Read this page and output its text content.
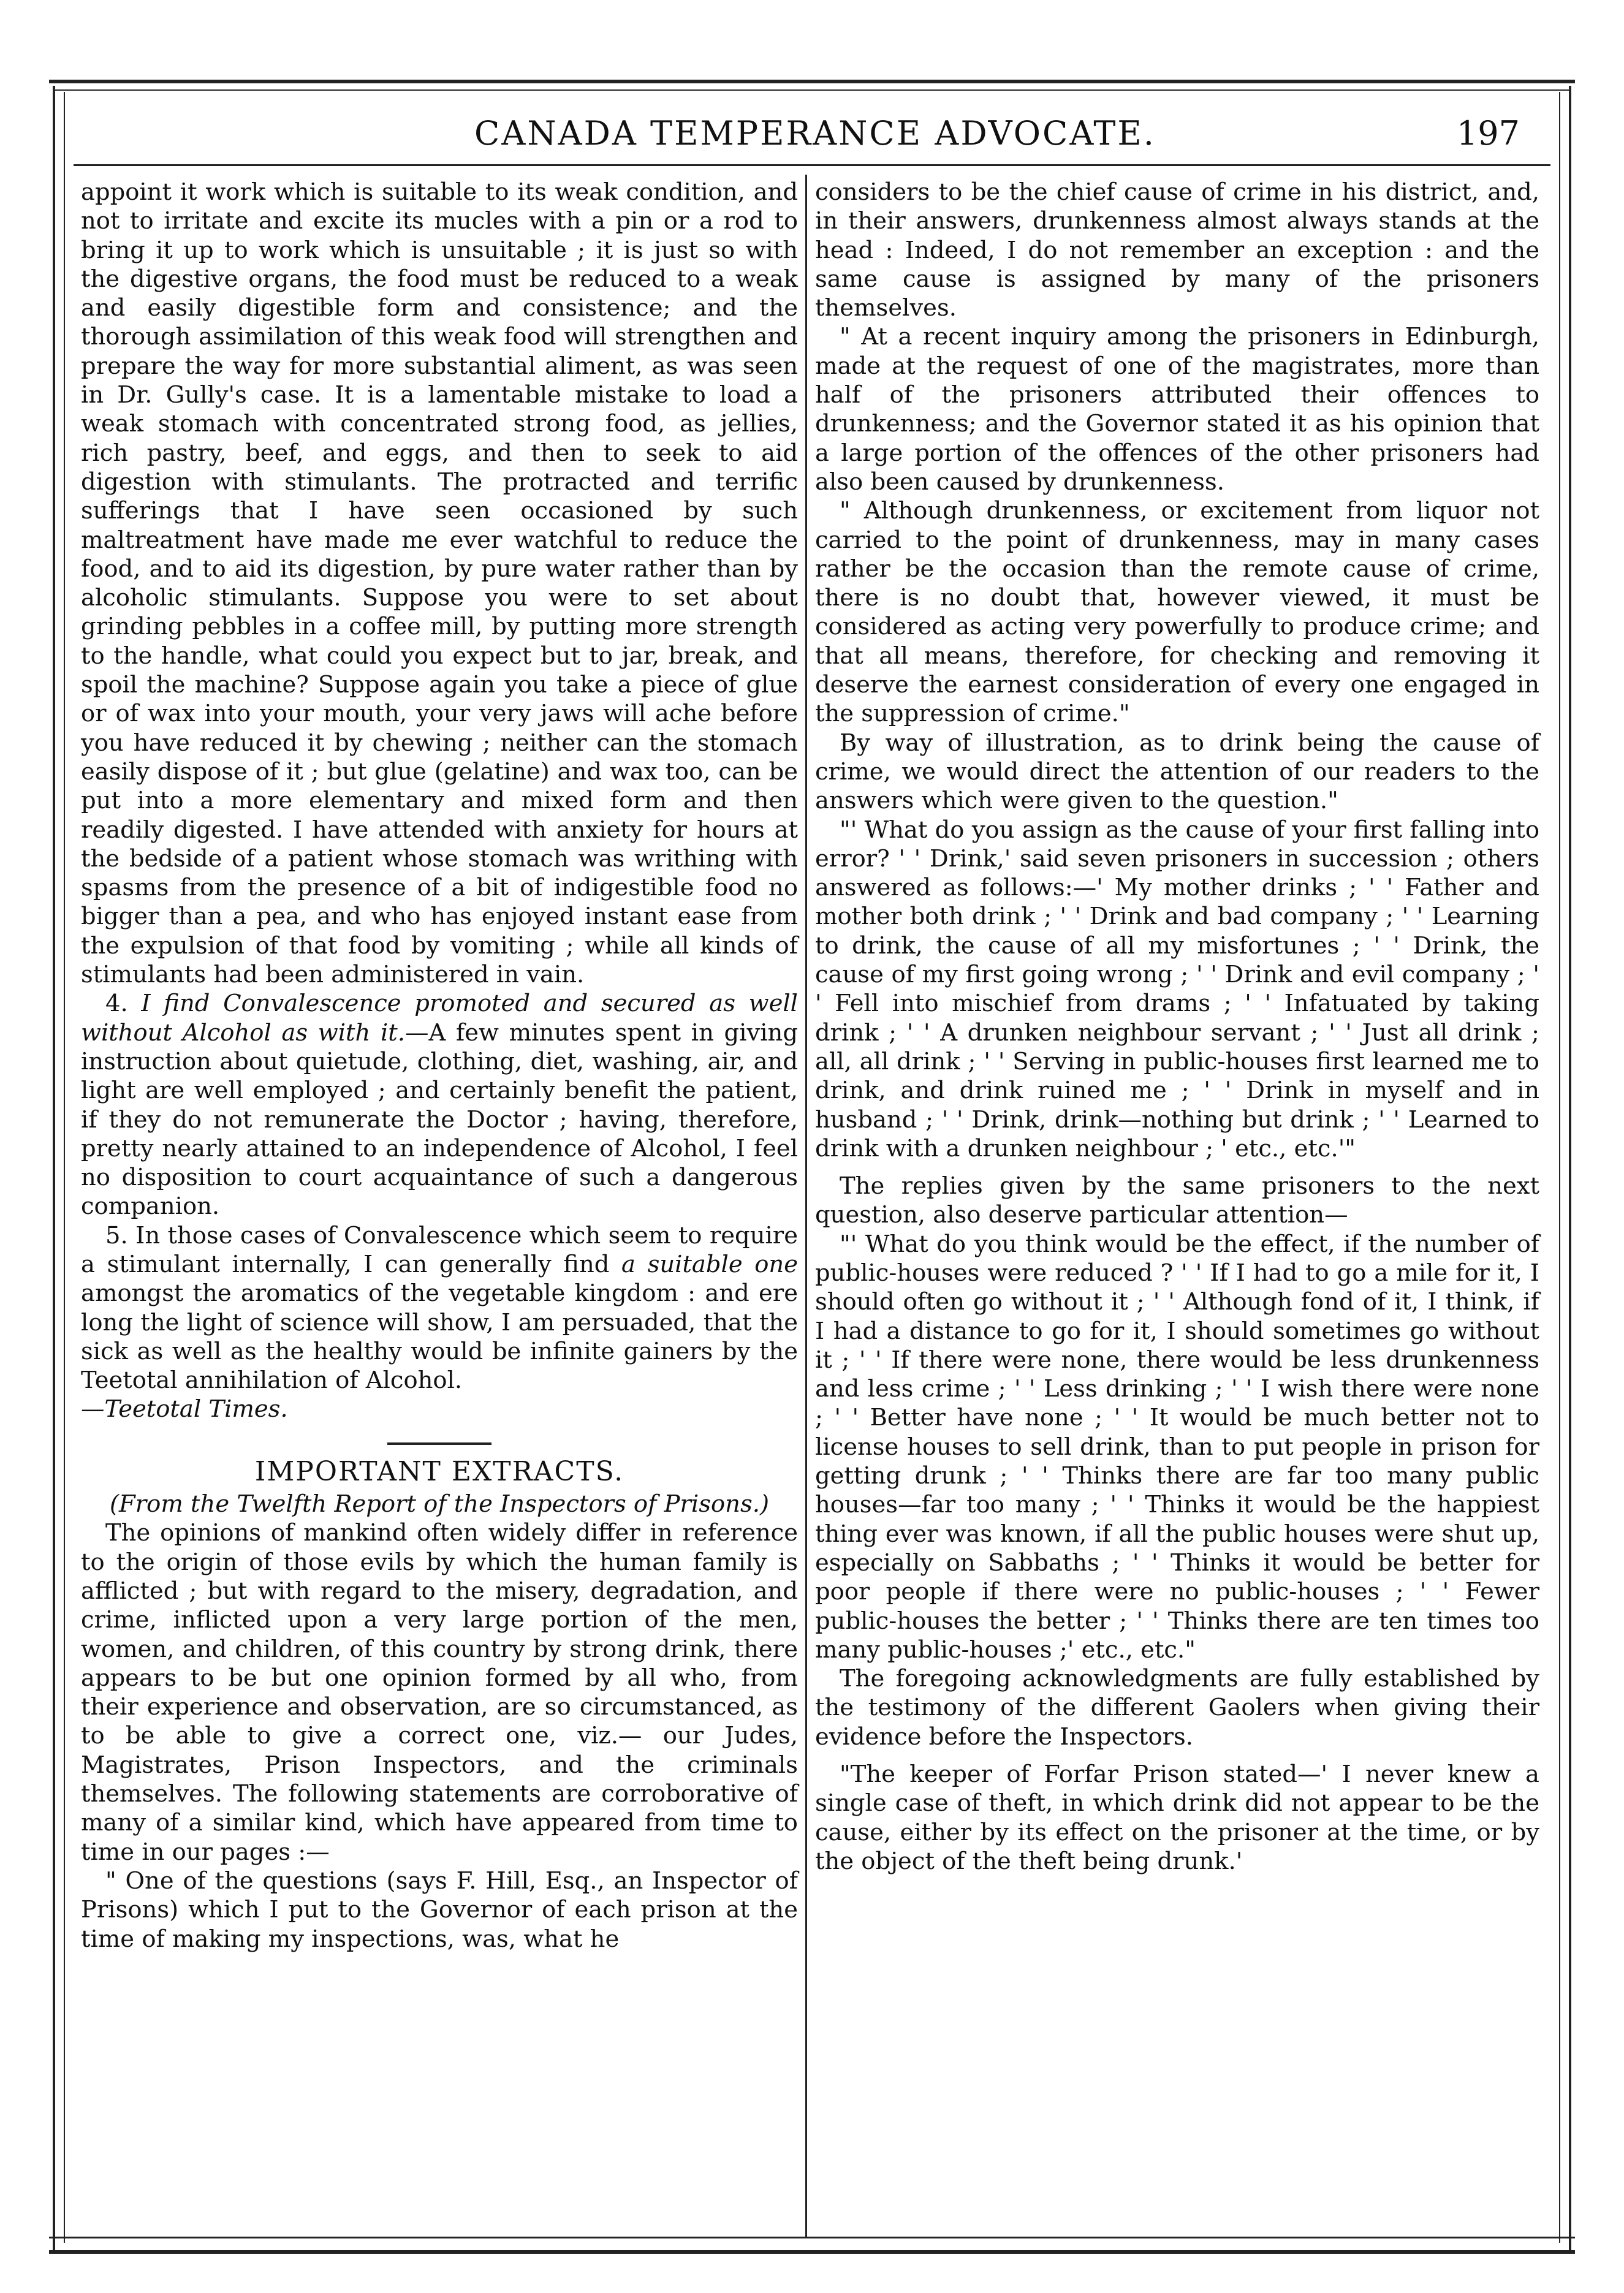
CANADA TEMPERANCE ADVOCATE.	197

appoint it work which is suitable to its weak condition, and not to irritate and excite its mucles with a pin or a rod to bring it up to work which is unsuitable ; it is just so with the digestive organs, the food must be reduced to a weak and easily digestible form and consistence; and the thorough assimilation of this weak food will strengthen and prepare the way for more substantial aliment, as was seen in Dr. Gully's case. It is a lamentable mistake to load a weak stomach with concentrated strong food, as jellies, rich pastry, beef, and eggs, and then to seek to aid digestion with stimulants. The protracted and terrific sufferings that I have seen occasioned by such maltreatment have made me ever watchful to reduce the food, and to aid its digestion, by pure water rather than by alcoholic stimulants. Suppose you were to set about grinding pebbles in a coffee mill, by putting more strength to the handle, what could you expect but to jar, break, and spoil the machine? Suppose again you take a piece of glue or of wax into your mouth, your very jaws will ache before you have reduced it by chewing ; neither can the stomach easily dispose of it ; but glue (gelatine) and wax too, can be put into a more elementary and mixed form and then readily digested. I have attended with anxiety for hours at the bedside of a patient whose stomach was writhing with spasms from the presence of a bit of indigestible food no bigger than a pea, and who has enjoyed instant ease from the expulsion of that food by vomiting ; while all kinds of stimulants had been administered in vain.

4. I find Convalescence promoted and secured as well without Alcohol as with it.—A few minutes spent in giving instruction about quietude, clothing, diet, washing, air, and light are well employed ; and certainly benefit the patient, if they do not remunerate the Doctor ; having, therefore, pretty nearly attained to an independence of Alcohol, I feel no disposition to court acquaintance of such a dangerous companion.

5. In those cases of Convalescence which seem to require a stimulant internally, I can generally find a suitable one amongst the aromatics of the vegetable kingdom : and ere long the light of science will show, I am persuaded, that the sick as well as the healthy would be infinite gainers by the Teetotal annihilation of Alcohol.

—Teetotal Times.

IMPORTANT EXTRACTS.

(From the Twelfth Report of the Inspectors of Prisons.)

The opinions of mankind often widely differ in reference to the origin of those evils by which the human family is afflicted ; but with regard to the misery, degradation, and crime, inflicted upon a very large portion of the men, women, and children, of this country by strong drink, there appears to be but one opinion formed by all who, from their experience and observation, are so circumstanced, as to be able to give a correct one, viz.— our Judes, Magistrates, Prison Inspectors, and the criminals themselves. The following statements are corroborative of many of a similar kind, which have appeared from time to time in our pages :—

" One of the questions (says F. Hill, Esq., an Inspector of Prisons) which I put to the Governor of each prison at the time of making my inspections, was, what he

considers to be the chief cause of crime in his district, and, in their answers, drunkenness almost always stands at the head : Indeed, I do not remember an exception : and the same cause is assigned by many of the prisoners themselves.

" At a recent inquiry among the prisoners in Edinburgh, made at the request of one of the magistrates, more than half of the prisoners attributed their offences to drunkenness; and the Governor stated it as his opinion that a large portion of the offences of the other prisoners had also been caused by drunkenness.

" Although drunkenness, or excitement from liquor not carried to the point of drunkenness, may in many cases rather be the occasion than the remote cause of crime, there is no doubt that, however viewed, it must be considered as acting very powerfully to produce crime; and that all means, therefore, for checking and removing it deserve the earnest consideration of every one engaged in the suppression of crime."

By way of illustration, as to drink being the cause of crime, we would direct the attention of our readers to the answers which were given to the question."

"' What do you assign as the cause of your first falling into error? ' ' Drink,' said seven prisoners in succession ; others answered as follows:—' My mother drinks ; ' ' Father and mother both drink ; ' ' Drink and bad company ; ' ' Learning to drink, the cause of all my misfortunes ; ' ' Drink, the cause of my first going wrong ; ' ' Drink and evil company ; ' ' Fell into mischief from drams ; ' ' Infatuated by taking drink ; ' ' A drunken neighbour servant ; ' ' Just all drink ; all, all drink ; ' ' Serving in public-houses first learned me to drink, and drink ruined me ; ' ' Drink in myself and in husband ; ' ' Drink, drink—nothing but drink ; ' ' Learned to drink with a drunken neighbour ; ' etc., etc.'"

The replies given by the same prisoners to the next question, also deserve particular attention—

"' What do you think would be the effect, if the number of public-houses were reduced ? ' ' If I had to go a mile for it, I should often go without it ; ' ' Although fond of it, I think, if I had a distance to go for it, I should sometimes go without it ; ' ' If there were none, there would be less drunkenness and less crime ; ' ' Less drinking ; ' ' I wish there were none ; ' ' Better have none ; ' ' It would be much better not to license houses to sell drink, than to put people in prison for getting drunk ; ' ' Thinks there are far too many public houses—far too many ; ' ' Thinks it would be the happiest thing ever was known, if all the public houses were shut up, especially on Sabbaths ; ' ' Thinks it would be better for poor people if there were no public-houses ; ' ' Fewer public-houses the better ; ' ' Thinks there are ten times too many public-houses ;' etc., etc."

The foregoing acknowledgments are fully established by the testimony of the different Gaolers when giving their evidence before the Inspectors.

"The keeper of Forfar Prison stated—' I never knew a single case of theft, in which drink did not appear to be the cause, either by its effect on the prisoner at the time, or by the object of the theft being drunk.'
